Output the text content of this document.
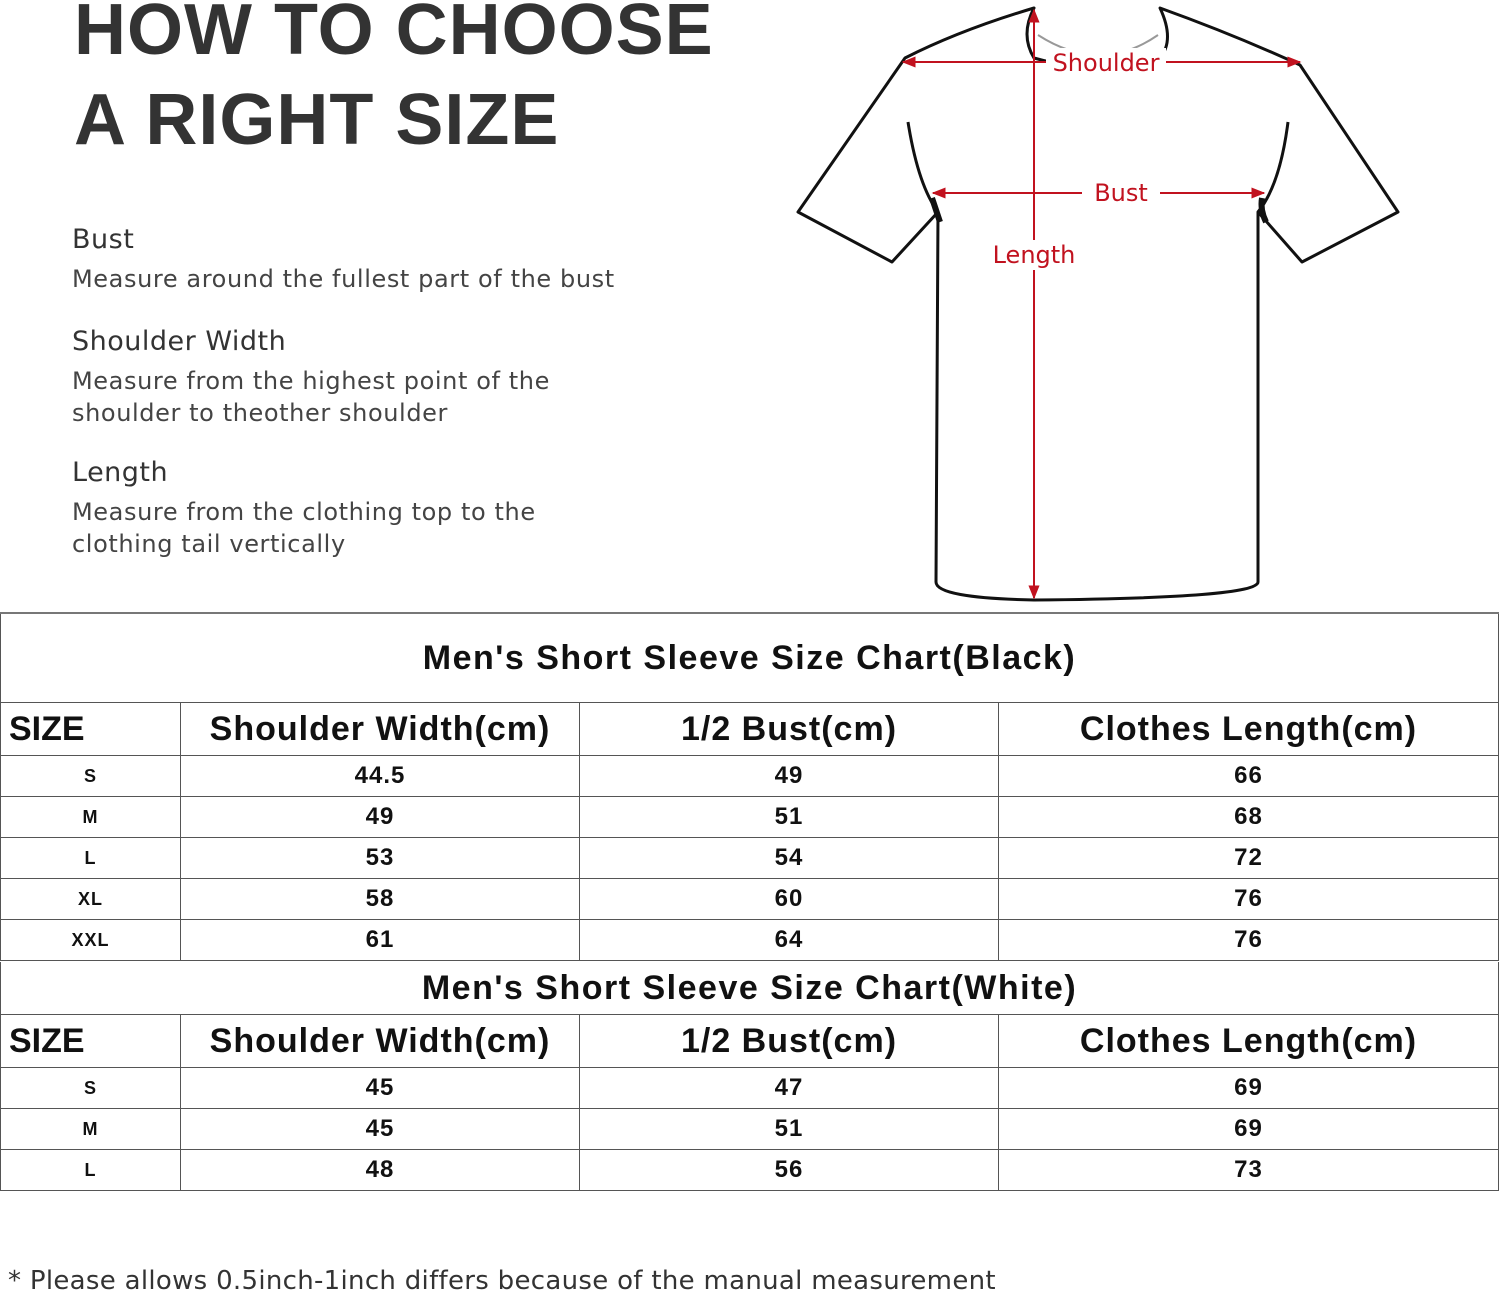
HOW TO CHOOSE
A RIGHT SIZE
Bust

Measure around the fullest part of the bust

Shoulder Width

Measure from the highest point of the
shoulder to theother shoulder

Length

Measure from the clothing top to the
clothing tail vertically

Shoulder
Bust
Length
Men's Short Sleeve Size Chart(Black)			
SIZE	Shoulder Width(cm)	1/2 Bust(cm)	Clothes Length(cm)
S	44.5	49	66
M	49	51	68
L	53	54	72
XL	58	60	76
XXL	61	64	76
Men's Short Sleeve Size Chart(White)			
SIZE	Shoulder Width(cm)	1/2 Bust(cm)	Clothes Length(cm)
S	45	47	69
M	45	51	69
L	48	56	73

* Please allows 0.5inch-1inch differs because of the manual measurement
